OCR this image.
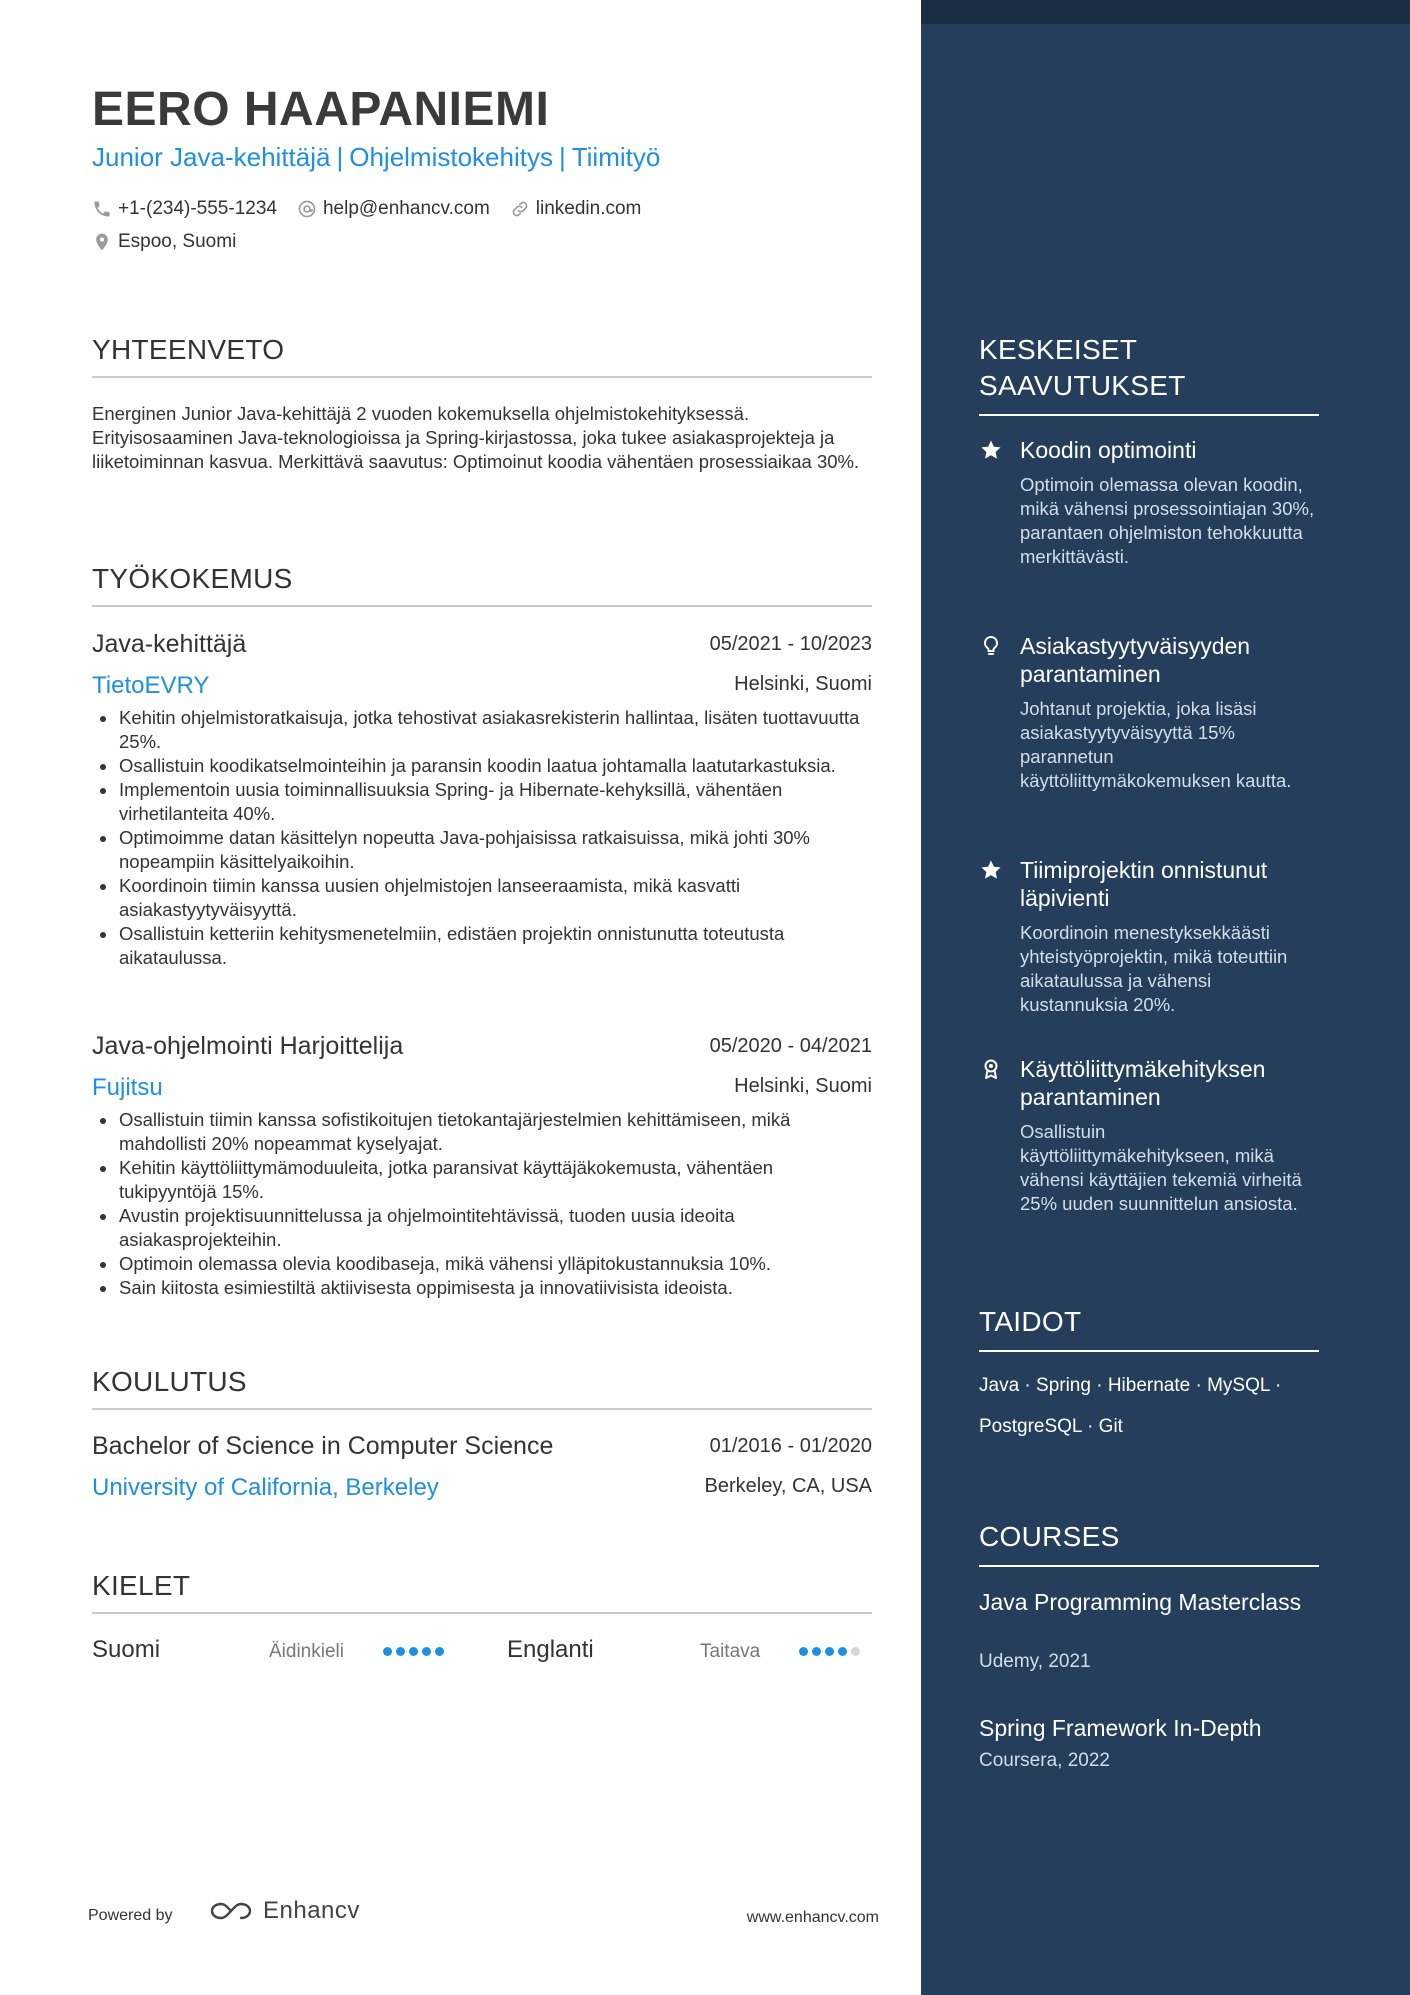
EERO HAAPANIEMI
Junior Java-kehittäjä | Ohjelmistokehitys | Tiimityö
+1-(234)-555-1234 help@enhancv.com linkedin.com
Espoo, Suomi
YHTEENVETO
Energinen Junior Java-kehittäjä 2 vuoden kokemuksella ohjelmistokehityksessä. Erityisosaaminen Java-teknologioissa ja Spring-kirjastossa, joka tukee asiakasprojekteja ja liiketoiminnan kasvua. Merkittävä saavutus: Optimoinut koodia vähentäen prosessiaikaa 30%.
TYÖKOKEMUS
Java-kehittäjä	05/2021 - 10/2023
TietoEVRY	Helsinki, Suomi
Kehitin ohjelmistoratkaisuja, jotka tehostivat asiakasrekisterin hallintaa, lisäten tuottavuutta 25%.
Osallistuin koodikatselmointeihin ja paransin koodin laatua johtamalla laatutarkastuksia.
Implementoin uusia toiminnallisuuksia Spring- ja Hibernate-kehyksillä, vähentäen virhetilanteita 40%.
Optimoimme datan käsittelyn nopeutta Java-pohjaisissa ratkaisuissa, mikä johti 30% nopeampiin käsittelyaikoihin.
Koordinoin tiimin kanssa uusien ohjelmistojen lanseeraamista, mikä kasvatti asiakastyytyväisyyttä.
Osallistuin ketteriin kehitysmenetelmiin, edistäen projektin onnistunutta toteutusta aikataulussa.
Java-ohjelmointi Harjoittelija	05/2020 - 04/2021
Fujitsu	Helsinki, Suomi
Osallistuin tiimin kanssa sofistikoitujen tietokantajärjestelmien kehittämiseen, mikä mahdollisti 20% nopeammat kyselyajat.
Kehitin käyttöliittymämoduuleita, jotka paransivat käyttäjäkokemusta, vähentäen tukipyyntöjä 15%.
Avustin projektisuunnittelussa ja ohjelmointitehtävissä, tuoden uusia ideoita asiakasprojekteihin.
Optimoin olemassa olevia koodibaseja, mikä vähensi ylläpitokustannuksia 10%.
Sain kiitosta esimiestiltä aktiivisesta oppimisesta ja innovatiivisista ideoista.
KOULUTUS
Bachelor of Science in Computer Science	01/2016 - 01/2020
University of California, Berkeley	Berkeley, CA, USA
KIELET
Suomi	Äidinkieli	Englanti	Taitava
Powered by	Enhancv	www.enhancv.com
KESKEISET SAAVUTUKSET
Koodin optimointi
Optimoin olemassa olevan koodin, mikä vähensi prosessointiajan 30%, parantaen ohjelmiston tehokkuutta merkittävästi.
Asiakastyytyväisyyden parantaminen
Johtanut projektia, joka lisäsi asiakastyytyväisyyttä 15% parannetun käyttöliittymäkokemuksen kautta.
Tiimiprojektin onnistunut läpivienti
Koordinoin menestyksekkäästi yhteistyöprojektin, mikä toteuttiin aikataulussa ja vähensi kustannuksia 20%.
Käyttöliittymäkehityksen parantaminen
Osallistuin käyttöliittymäkehitykseen, mikä vähensi käyttäjien tekemiä virheitä 25% uuden suunnittelun ansiosta.
TAIDOT
Java · Spring · Hibernate · MySQL · PostgreSQL · Git
COURSES
Java Programming Masterclass
Udemy, 2021
Spring Framework In-Depth
Coursera, 2022
